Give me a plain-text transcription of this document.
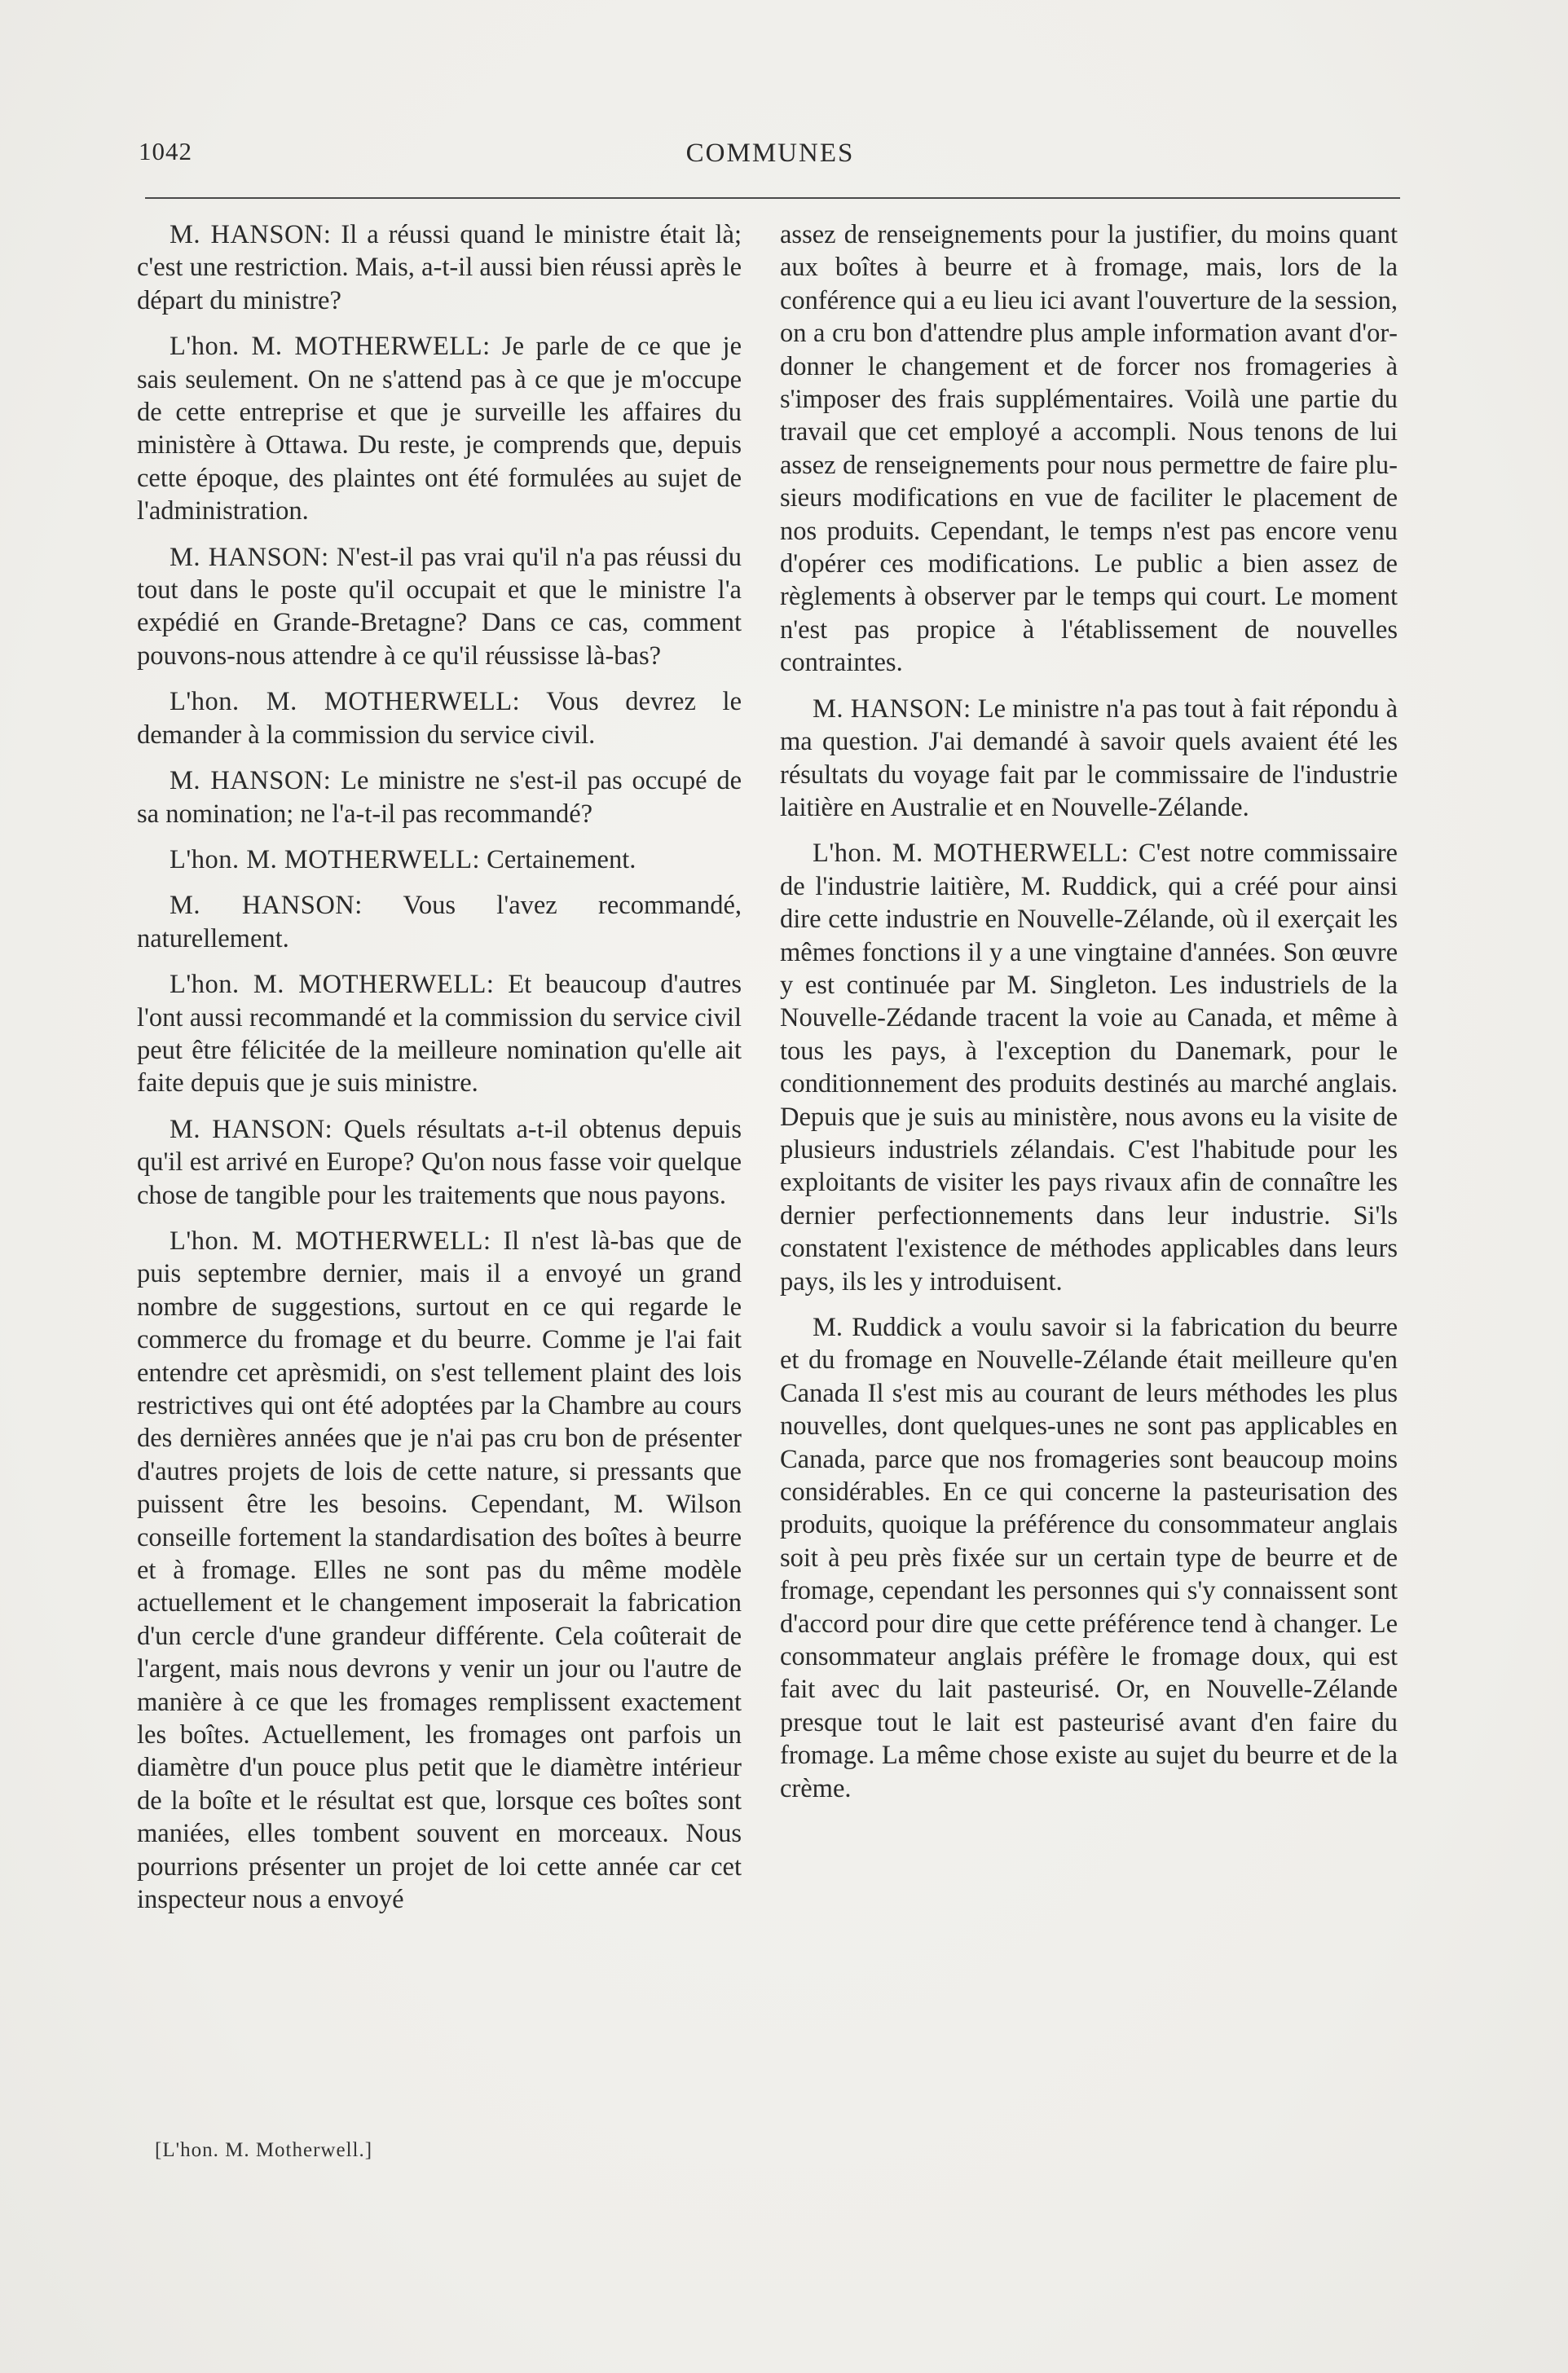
1042	COMMUNES

M. HANSON: Il a réussi quand le ministre était là; c'est une restriction. Mais, a-t-il aussi bien réussi après le départ du ministre?

L'hon. M. MOTHERWELL: Je parle de ce que je sais seulement. On ne s'attend pas à ce que je m'occupe de cette entreprise et que je surveille les affaires du ministère à Ottawa. Du reste, je comprends que, depuis cette époque, des plaintes ont été formulées au sujet de l'administration.

M. HANSON: N'est-il pas vrai qu'il n'a pas réussi du tout dans le poste qu'il occupait et que le ministre l'a expédié en Grande-Bretagne? Dans ce cas, comment pouvons-nous attendre à ce qu'il réussisse là-bas?

L'hon. M. MOTHERWELL: Vous devrez le demander à la commission du service civil.

M. HANSON: Le ministre ne s'est-il pas occupé de sa nomination; ne l'a-t-il pas recommandé?

L'hon. M. MOTHERWELL: Certainement.

M. HANSON: Vous l'avez recommandé, naturellement.

L'hon. M. MOTHERWELL: Et beaucoup d'autres l'ont aussi recommandé et la commission du service civil peut être félicitée de la meilleure nomination qu'elle ait faite depuis que je suis ministre.

M. HANSON: Quels résultats a-t-il obtenus depuis qu'il est arrivé en Europe? Qu'on nous fasse voir quelque chose de tangible pour les traitements que nous payons.

L'hon. M. MOTHERWELL: Il n'est là-bas que de puis septembre dernier, mais il a envoyé un grand nombre de suggestions, surtout en ce qui regarde le commerce du fromage et du beurre. Comme je l'ai fait entendre cet aprèsmidi, on s'est tellement plaint des lois restrictives qui ont été adoptées par la Chambre au cours des dernières années que je n'ai pas cru bon de présenter d'autres projets de lois de cette nature, si pressants que puissent être les besoins. Cependant, M. Wilson conseille fortement la standardisation des boîtes à beurre et à fromage. Elles ne sont pas du même modèle actuellement et le changement imposerait la fabrication d'un cercle d'une grandeur différente. Cela coûterait de l'argent, mais nous devrons y venir un jour ou l'autre de manière à ce que les fromages remplissent exactement les boîtes. Actuellement, les fromages ont parfois un diamètre d'un pouce plus petit que le diamètre intérieur de la boîte et le résultat est que, lorsque ces boîtes sont maniées, elles tombent souvent en morceaux. Nous pourrions présenter un projet de loi cette année car cet inspecteur nous a envoyé

assez de renseignements pour la justifier, du moins quant aux boîtes à beurre et à fromage, mais, lors de la conférence qui a eu lieu ici avant l'ouverture de la session, on a cru bon d'attendre plus ample information avant d'ordonner le changement et de forcer nos fromageries à s'imposer des frais supplémentaires. Voilà une partie du travail que cet employé a accompli. Nous tenons de lui assez de renseignements pour nous permettre de faire plusieurs modifications en vue de faciliter le placement de nos produits. Cependant, le temps n'est pas encore venu d'opérer ces modifications. Le public a bien assez de règlements à observer par le temps qui court. Le moment n'est pas propice à l'établissement de nouvelles contraintes.

M. HANSON: Le ministre n'a pas tout à fait répondu à ma question. J'ai demandé à savoir quels avaient été les résultats du voyage fait par le commissaire de l'industrie laitière en Australie et en Nouvelle-Zélande.

L'hon. M. MOTHERWELL: C'est notre commissaire de l'industrie laitière, M. Ruddick, qui a créé pour ainsi dire cette industrie en Nouvelle-Zélande, où il exerçait les mêmes fonctions il y a une vingtaine d'années. Son œuvre y est continuée par M. Singleton. Les industriels de la Nouvelle-Zédande tracent la voie au Canada, et même à tous les pays, à l'exception du Danemark, pour le conditionnement des produits destinés au marché anglais. Depuis que je suis au ministère, nous avons eu la visite de plusieurs industriels zélandais. C'est l'habitude pour les exploitants de visiter les pays rivaux afin de connaître les dernier perfectionnements dans leur industrie. Si'ls constatent l'existence de méthodes applicables dans leurs pays, ils les y introduisent.

M. Ruddick a voulu savoir si la fabrication du beurre et du fromage en Nouvelle-Zélande était meilleure qu'en Canada Il s'est mis au courant de leurs méthodes les plus nouvelles, dont quelques-unes ne sont pas applicables en Canada, parce que nos fromageries sont beaucoup moins considérables. En ce qui concerne la pasteurisation des produits, quoique la préférence du consommateur anglais soit à peu près fixée sur un certain type de beurre et de fromage, cependant les personnes qui s'y connaissent sont d'accord pour dire que cette préférence tend à changer. Le consommateur anglais préfère le fromage doux, qui est fait avec du lait pasteurisé. Or, en Nouvelle-Zélande presque tout le lait est pasteurisé avant d'en faire du fromage. La même chose existe au sujet du beurre et de la crème.

[L'hon. M. Motherwell.]
